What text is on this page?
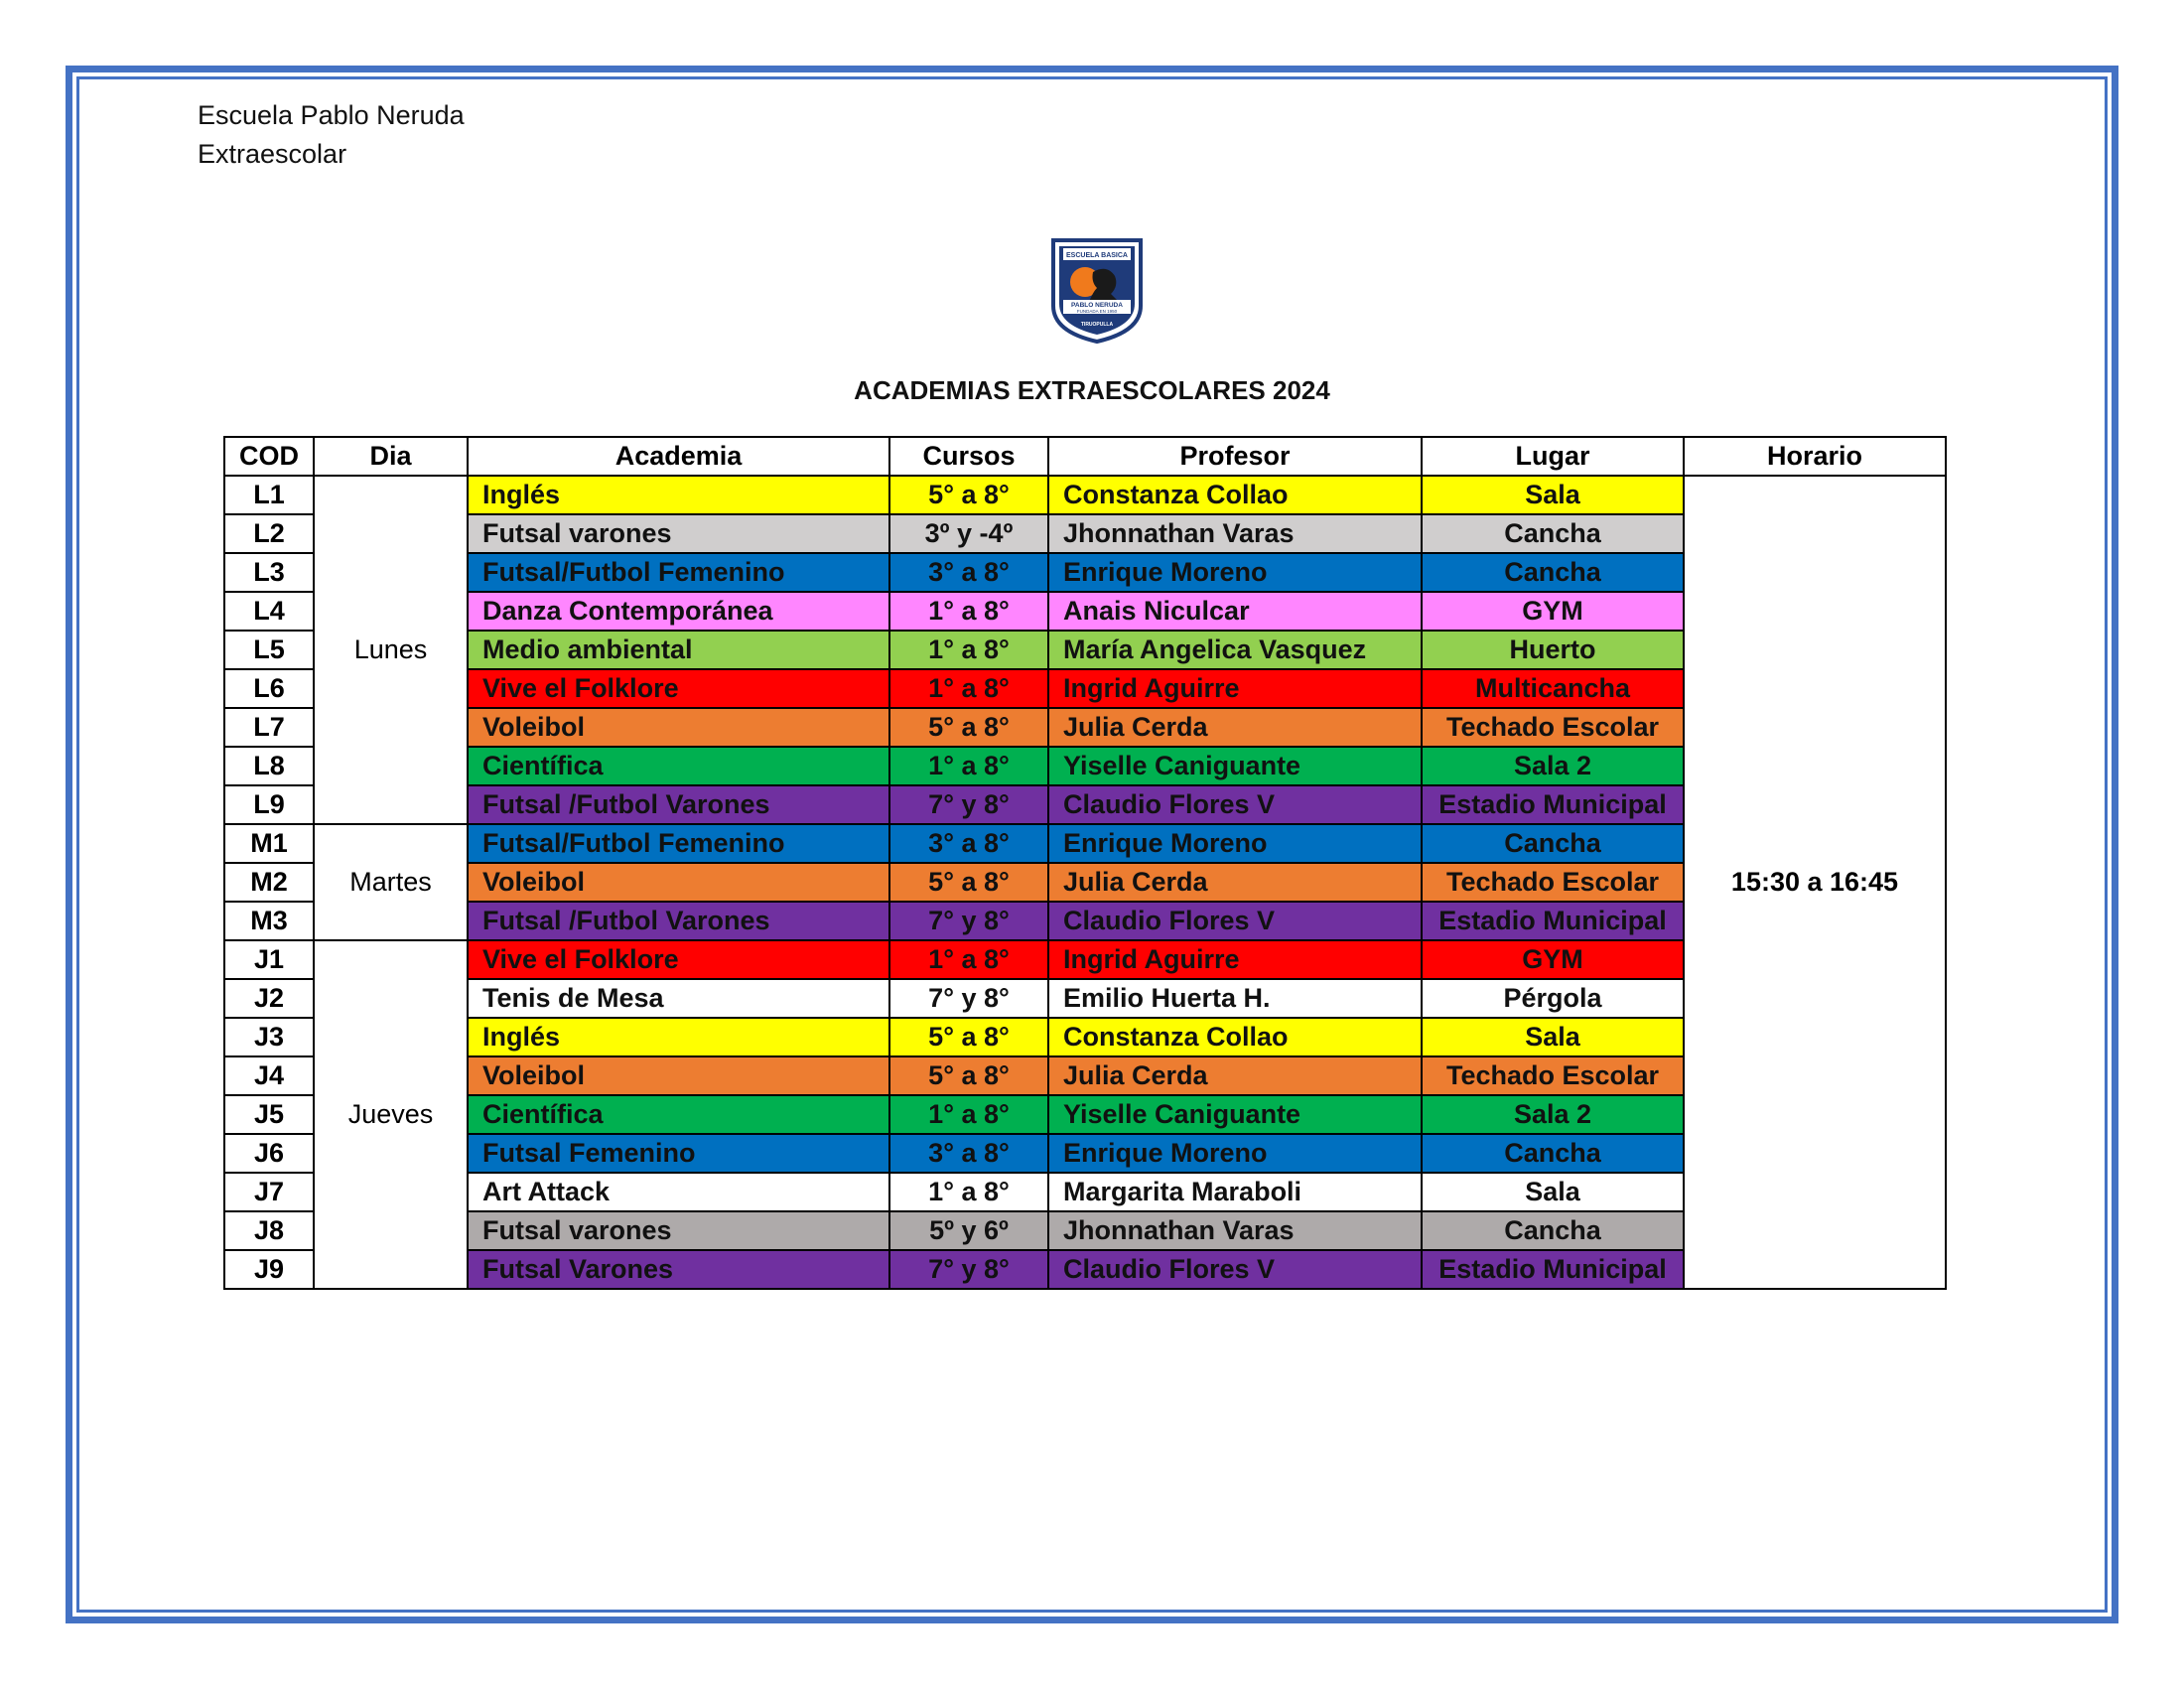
Escuela Pablo Neruda
Extraescolar
ESCUELA BASICA
PABLO NERUDA
FUNDADA EN 1950
TIRUOPULLA
ACADEMIAS EXTRAESCOLARES 2024
COD	Dia	Academia	Cursos	Profesor	Lugar	Horario
L1	Lunes	Inglés	5° a 8°	Constanza Collao	Sala	15:30 a 16:45
L2		Futsal varones	3º y -4º	Jhonnathan Varas	Cancha	
L3		Futsal/Futbol Femenino	3° a 8°	Enrique Moreno	Cancha	
L4		Danza Contemporánea	1° a 8°	Anais Niculcar	GYM	
L5		Medio ambiental	1° a 8°	María Angelica Vasquez	Huerto	
L6		Vive el Folklore	1° a 8°	Ingrid Aguirre	Multicancha	
L7		Voleibol	5° a 8°	Julia Cerda	Techado Escolar	
L8		Científica	1° a 8°	Yiselle Caniguante	Sala 2	
L9		Futsal /Futbol Varones	7° y 8°	Claudio Flores V	Estadio Municipal	
M1	Martes	Futsal/Futbol Femenino	3° a 8°	Enrique Moreno	Cancha	
M2		Voleibol	5° a 8°	Julia Cerda	Techado Escolar	
M3		Futsal /Futbol Varones	7° y 8°	Claudio Flores V	Estadio Municipal	
J1	Jueves	Vive el Folklore	1° a 8°	Ingrid Aguirre	GYM	
J2		Tenis de Mesa	7° y 8°	Emilio Huerta H.	Pérgola	
J3		Inglés	5° a 8°	Constanza Collao	Sala	
J4		Voleibol	5° a 8°	Julia Cerda	Techado Escolar	
J5		Científica	1° a 8°	Yiselle Caniguante	Sala 2	
J6		Futsal Femenino	3° a 8°	Enrique Moreno	Cancha	
J7		Art Attack	1° a 8°	Margarita Maraboli	Sala	
J8		Futsal varones	5º y 6º	Jhonnathan Varas	Cancha	
J9		Futsal Varones	7° y 8°	Claudio Flores V	Estadio Municipal	
